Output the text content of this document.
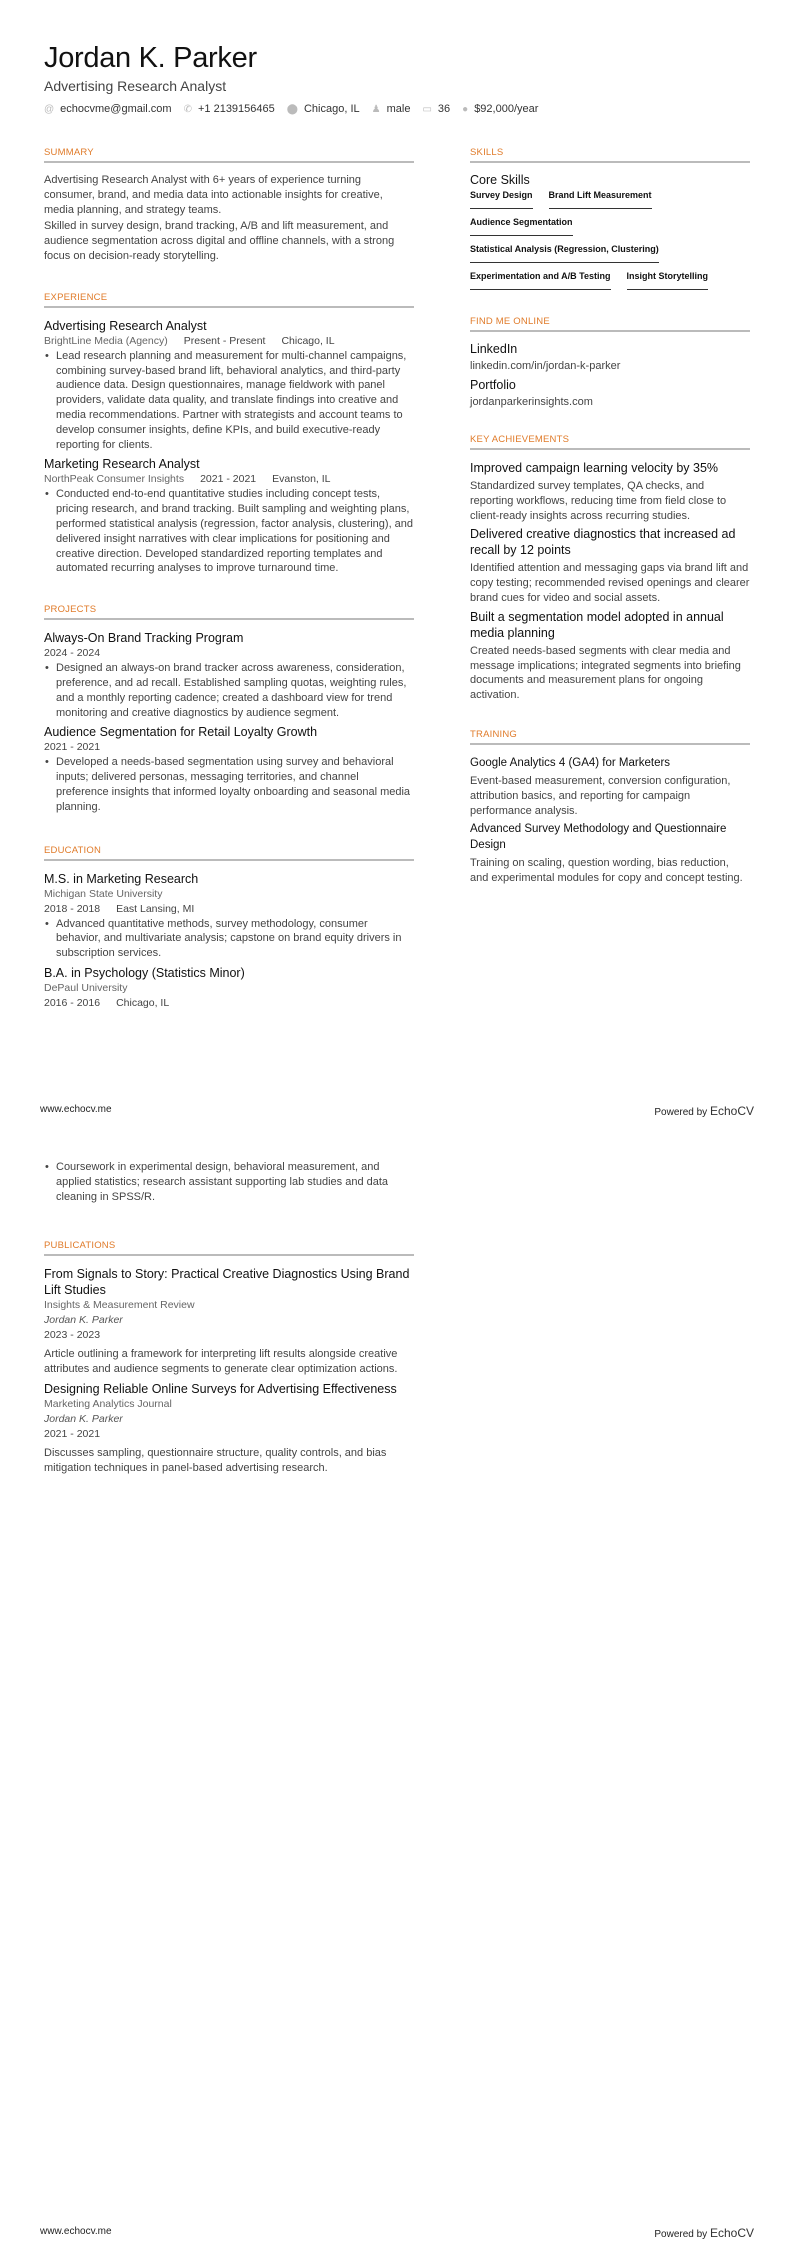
Jordan K. Parker
Advertising Research Analyst
@ echocvme@gmail.com ✆ +1 2139156465 ⬤ Chicago, IL ♟ male ▭ 36 ● $92,000/year
SUMMARY

Advertising Research Analyst with 6+ years of experience turning consumer, brand, and media data into actionable insights for creative, media planning, and strategy teams.

Skilled in survey design, brand tracking, A/B and lift measurement, and audience segmentation across digital and offline channels, with a strong focus on decision-ready storytelling.

EXPERIENCE
Advertising Research Analyst
BrightLine Media (Agency) Present - Present Chicago, IL
• Lead research planning and measurement for multi-channel campaigns, combining survey-based brand lift, behavioral analytics, and third-party audience data. Design questionnaires, manage fieldwork with panel providers, validate data quality, and translate findings into creative and media recommendations. Partner with strategists and account teams to develop consumer insights, define KPIs, and build executive-ready reporting for clients.
Marketing Research Analyst
NorthPeak Consumer Insights 2021 - 2021 Evanston, IL
• Conducted end-to-end quantitative studies including concept tests, pricing research, and brand tracking. Built sampling and weighting plans, performed statistical analysis (regression, factor analysis, clustering), and delivered insight narratives with clear implications for positioning and creative direction. Developed standardized reporting templates and automated recurring analyses to improve turnaround time.
PROJECTS
Always-On Brand Tracking Program
2024 - 2024
• Designed an always-on brand tracker across awareness, consideration, preference, and ad recall. Established sampling quotas, weighting rules, and a monthly reporting cadence; created a dashboard view for trend monitoring and creative diagnostics by audience segment.
Audience Segmentation for Retail Loyalty Growth
2021 - 2021
• Developed a needs-based segmentation using survey and behavioral inputs; delivered personas, messaging territories, and channel preference insights that informed loyalty onboarding and seasonal media planning.
EDUCATION
M.S. in Marketing Research
Michigan State University
2018 - 2018 East Lansing, MI
• Advanced quantitative methods, survey methodology, consumer behavior, and multivariate analysis; capstone on brand equity drivers in subscription services.
B.A. in Psychology (Statistics Minor)
DePaul University
2016 - 2016 Chicago, IL
SKILLS
Core Skills
Survey Design Brand Lift Measurement
Audience Segmentation
Statistical Analysis (Regression, Clustering)
Experimentation and A/B Testing Insight Storytelling
FIND ME ONLINE
LinkedIn
linkedin.com/in/jordan-k-parker
Portfolio
jordanparkerinsights.com
KEY ACHIEVEMENTS
Improved campaign learning velocity by 35%

Standardized survey templates, QA checks, and reporting workflows, reducing time from field close to client-ready insights across recurring studies.

Delivered creative diagnostics that increased ad recall by 12 points

Identified attention and messaging gaps via brand lift and copy testing; recommended revised openings and clearer brand cues for video and social assets.

Built a segmentation model adopted in annual media planning

Created needs-based segments with clear media and message implications; integrated segments into briefing documents and measurement plans for ongoing activation.

TRAINING
Google Analytics 4 (GA4) for Marketers

Event-based measurement, conversion configuration, attribution basics, and reporting for campaign performance analysis.

Advanced Survey Methodology and Questionnaire Design

Training on scaling, question wording, bias reduction, and experimental modules for copy and concept testing.

www.echocv.me	Powered by EchoCV
• Coursework in experimental design, behavioral measurement, and applied statistics; research assistant supporting lab studies and data cleaning in SPSS/R.
PUBLICATIONS
From Signals to Story: Practical Creative Diagnostics Using Brand Lift Studies
Insights & Measurement Review
Jordan K. Parker
2023 - 2023

Article outlining a framework for interpreting lift results alongside creative attributes and audience segments to generate clear optimization actions.

Designing Reliable Online Surveys for Advertising Effectiveness
Marketing Analytics Journal
Jordan K. Parker
2021 - 2021

Discusses sampling, questionnaire structure, quality controls, and bias mitigation techniques in panel-based advertising research.

www.echocv.me	Powered by EchoCV
